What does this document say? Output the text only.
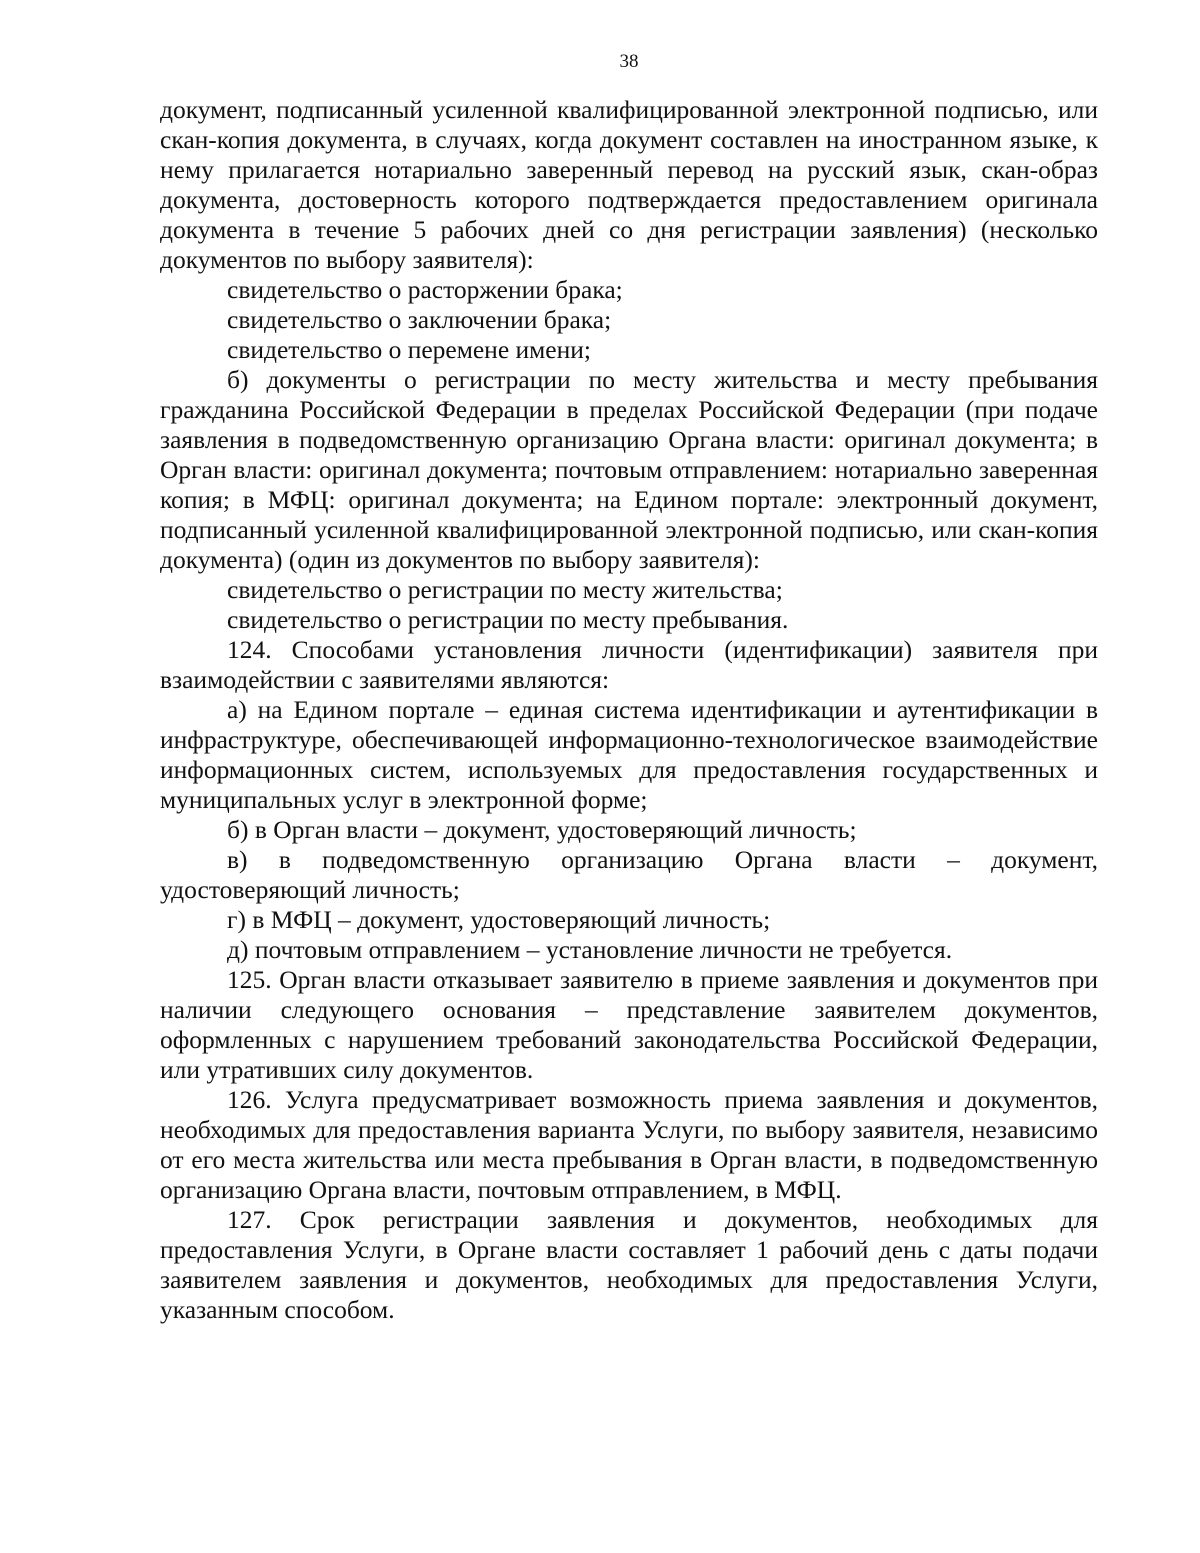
38

документ, подписанный усиленной квалифицированной электронной подписью, или скан-копия документа, в случаях, когда документ составлен на иностранном языке, к нему прилагается нотариально заверенный перевод на русский язык, скан-образ документа, достоверность которого подтверждается предоставлением оригинала документа в течение 5 рабочих дней со дня регистрации заявления) (несколько документов по выбору заявителя):

свидетельство о расторжении брака;

свидетельство о заключении брака;

свидетельство о перемене имени;

б) документы о регистрации по месту жительства и месту пребывания гражданина Российской Федерации в пределах Российской Федерации (при подаче заявления в подведомственную организацию Органа власти: оригинал документа; в Орган власти: оригинал документа; почтовым отправлением: нотариально заверенная копия; в МФЦ: оригинал документа; на Едином портале: электронный документ, подписанный усиленной квалифицированной электронной подписью, или скан-копия документа) (один из документов по выбору заявителя):

свидетельство о регистрации по месту жительства;

свидетельство о регистрации по месту пребывания.

124. Способами установления личности (идентификации) заявителя при взаимодействии с заявителями являются:

а) на Едином портале – единая система идентификации и аутентификации в инфраструктуре, обеспечивающей информационно-технологическое взаимодействие информационных систем, используемых для предоставления государственных и муниципальных услуг в электронной форме;

б) в Орган власти – документ, удостоверяющий личность;

в) в подведомственную организацию Органа власти – документ, удостоверяющий личность;

г) в МФЦ – документ, удостоверяющий личность;

д) почтовым отправлением – установление личности не требуется.

125. Орган власти отказывает заявителю в приеме заявления и документов при наличии следующего основания – представление заявителем документов, оформленных с нарушением требований законодательства Российской Федерации, или утративших силу документов.

126. Услуга предусматривает возможность приема заявления и документов, необходимых для предоставления варианта Услуги, по выбору заявителя, независимо от его места жительства или места пребывания в Орган власти, в подведомственную организацию Органа власти, почтовым отправлением, в МФЦ.

127. Срок регистрации заявления и документов, необходимых для предоставления Услуги, в Органе власти составляет 1 рабочий день с даты подачи заявителем заявления и документов, необходимых для предоставления Услуги, указанным способом.
